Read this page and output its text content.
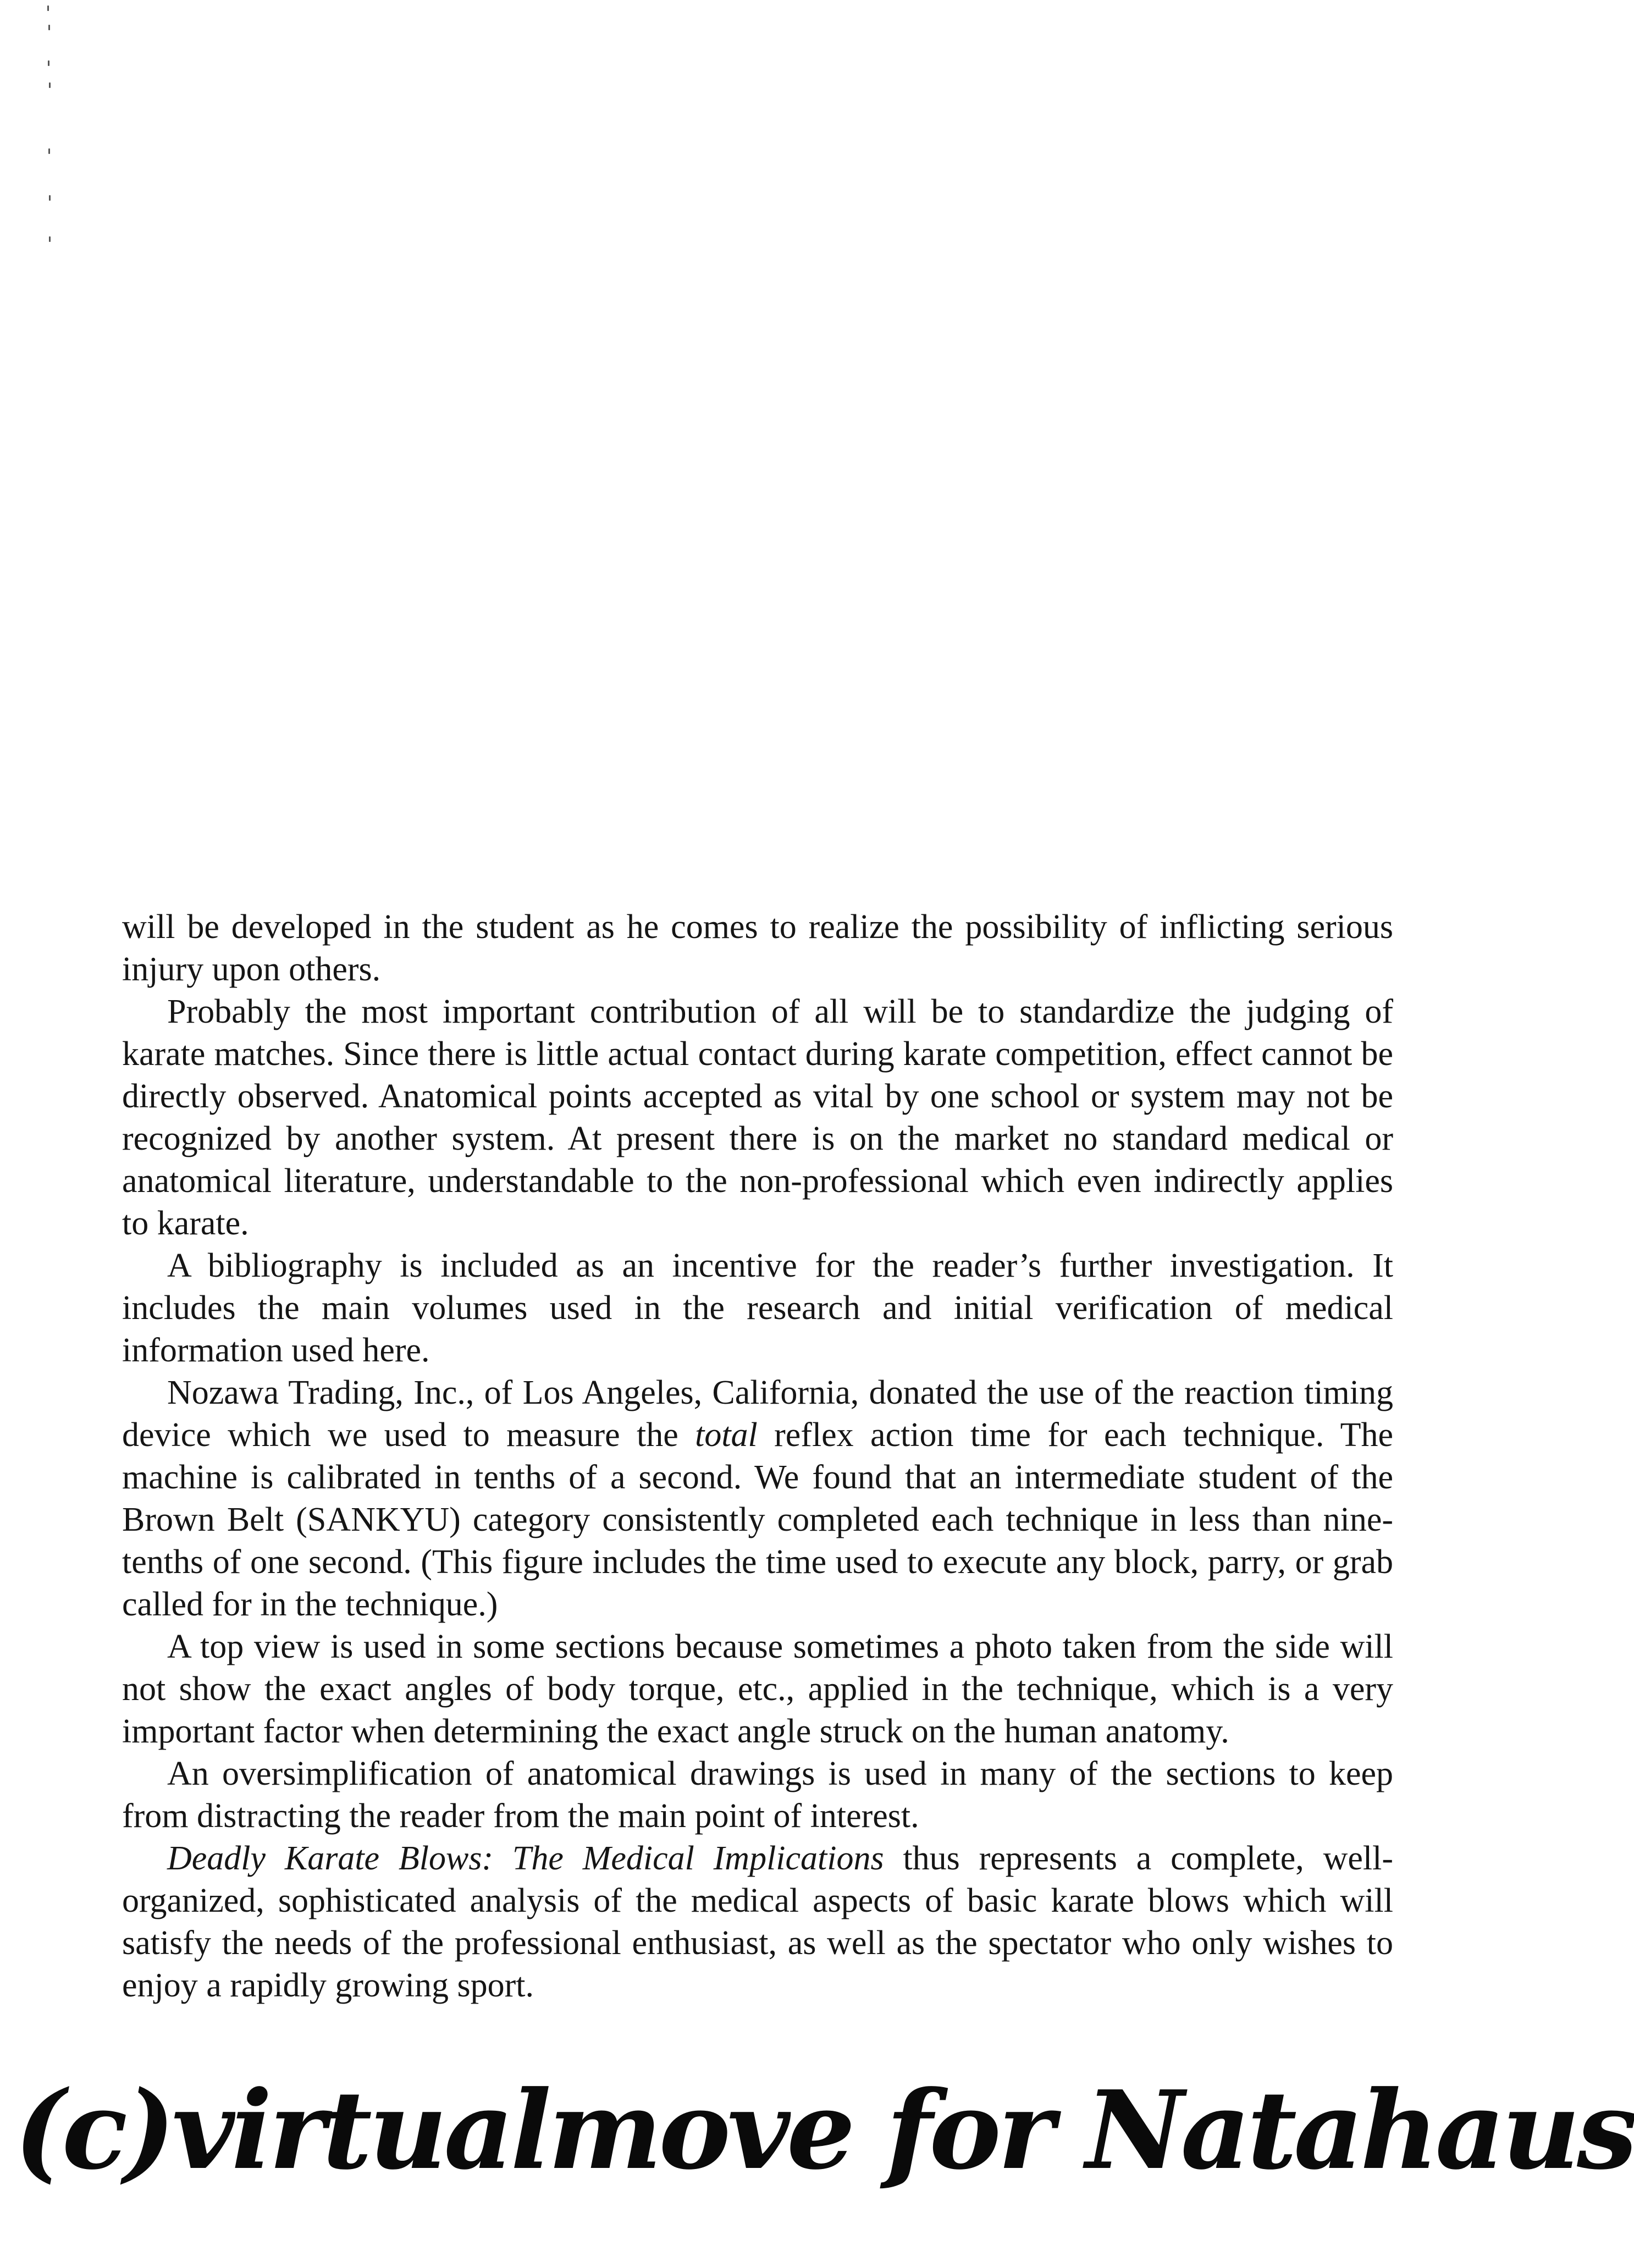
will be developed in the student as he comes to realize the possibility of inflicting serious injury upon others.

Probably the most important contribution of all will be to standardize the judging of karate matches. Since there is little actual contact during karate competition, effect cannot be directly observed. Anatomical points accepted as vital by one school or system may not be recognized by another system. At present there is on the market no standard medical or anatomical literature, understandable to the non-professional which even indirectly applies to karate.

A bibliography is included as an incentive for the reader’s further investigation. It includes the main volumes used in the research and initial verification of medical information used here.

Nozawa Trading, Inc., of Los Angeles, California, donated the use of the reaction timing device which we used to measure the total reflex action time for each technique. The machine is calibrated in tenths of a second. We found that an intermediate student of the Brown Belt (SANKYU) category consistently completed each technique in less than nine-tenths of one second. (This figure includes the time used to execute any block, parry, or grab called for in the technique.)

A top view is used in some sections because sometimes a photo taken from the side will not show the exact angles of body torque, etc., applied in the technique, which is a very important factor when determining the exact angle struck on the human anatomy.

An oversimplification of anatomical drawings is used in many of the sections to keep from distracting the reader from the main point of interest.

Deadly Karate Blows: The Medical Implications thus represents a complete, well-organized, sophisticated analysis of the medical aspects of basic karate blows which will satisfy the needs of the professional enthusiast, as well as the spectator who only wishes to enjoy a rapidly growing sport.

(c)virtualmove for Natahaus
